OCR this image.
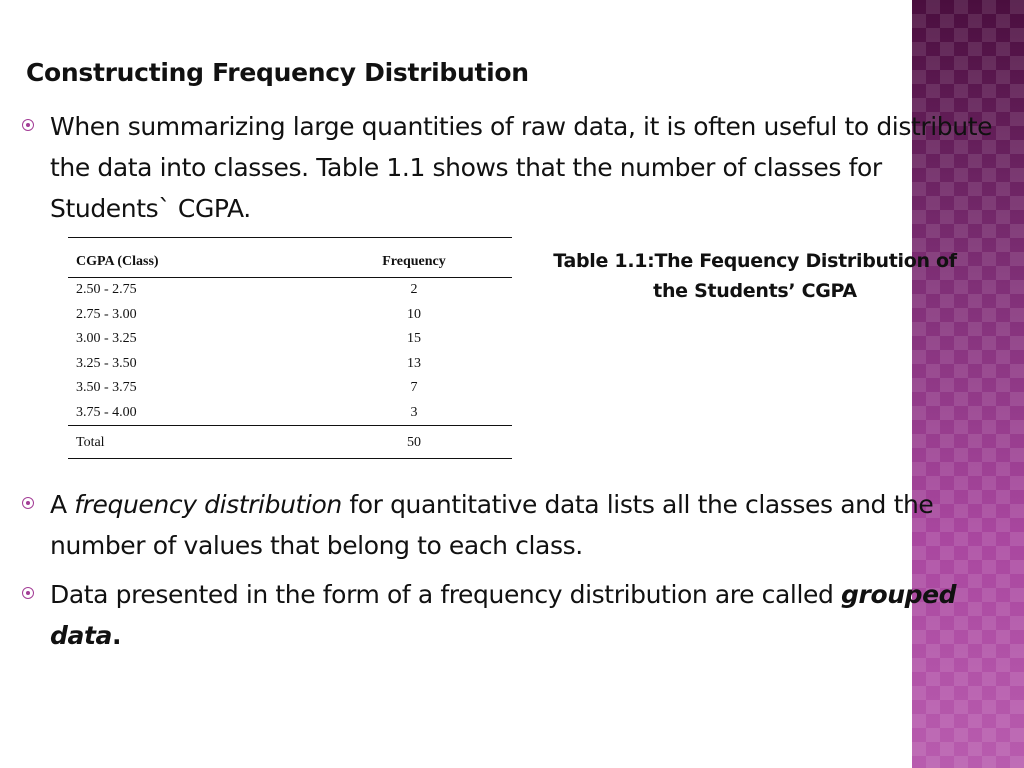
Constructing Frequency Distribution
When summarizing large quantities of raw data, it is often useful to distribute the data into classes. Table 1.1 shows that the number of classes for Students` CGPA.
CGPA (Class)	Frequency
2.50 - 2.75	2
2.75 - 3.00	10
3.00 - 3.25	15
3.25 - 3.50	13
3.50 - 3.75	7
3.75 - 4.00	3
Total	50
Table 1.1:The Fequency Distribution of the Students’ CGPA
A frequency distribution for quantitative data lists all the classes and the number of values that belong to each class.
Data presented in the form of a frequency distribution are called grouped data.
